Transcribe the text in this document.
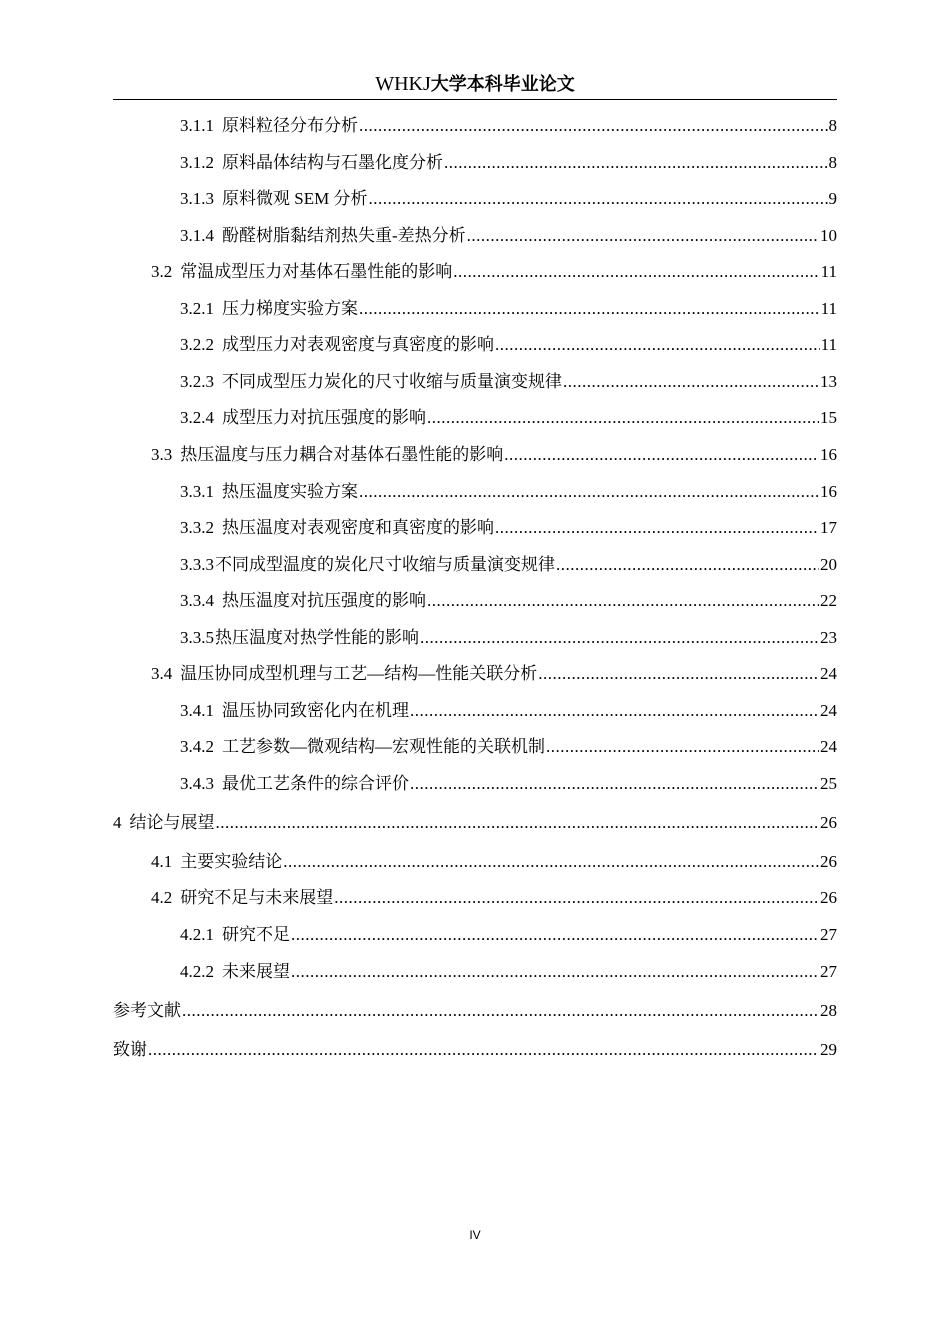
WHKJ大学本科毕业论文
3.1.1 原料粒径分布分析 .....	8
3.1.2 原料晶体结构与石墨化度分析 .....	8
3.1.3 原料微观 SEM 分析 .....	9
3.1.4 酚醛树脂黏结剂热失重-差热分析 .....	10
3.2 常温成型压力对基体石墨性能的影响 .....	11
3.2.1 压力梯度实验方案 .....	11
3.2.2 成型压力对表观密度与真密度的影响 .....	11
3.2.3 不同成型压力炭化的尺寸收缩与质量演变规律 .....	13
3.2.4 成型压力对抗压强度的影响 .....	15
3.3 热压温度与压力耦合对基体石墨性能的影响 .....	16
3.3.1 热压温度实验方案 .....	16
3.3.2 热压温度对表观密度和真密度的影响 .....	17
3.3.3 不同成型温度的炭化尺寸收缩与质量演变规律 .....	20
3.3.4 热压温度对抗压强度的影响 .....	22
3.3.5 热压温度对热学性能的影响 .....	23
3.4 温压协同成型机理与工艺—结构—性能关联分析 .....	24
3.4.1 温压协同致密化内在机理 .....	24
3.4.2 工艺参数—微观结构—宏观性能的关联机制 .....	24
3.4.3 最优工艺条件的综合评价 .....	25
4 结论与展望 .....	26
4.1 主要实验结论 .....	26
4.2 研究不足与未来展望 .....	26
4.2.1 研究不足 .....	27
4.2.2 未来展望 .....	27
参考文献 .....	28
致谢 .....	29
IV
